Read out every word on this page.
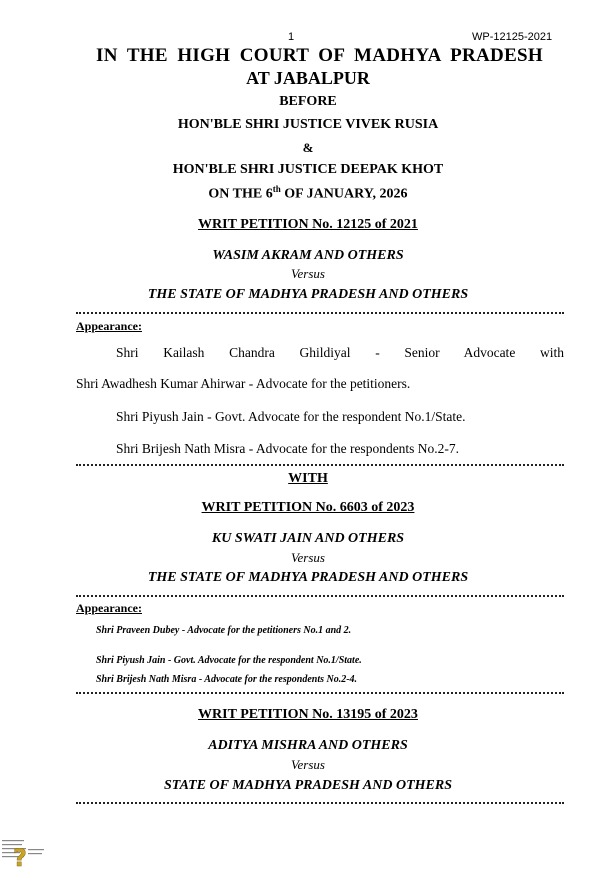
1	WP-12125-2021
IN THE HIGH COURT OF MADHYA PRADESH
AT JABALPUR
BEFORE
HON'BLE SHRI JUSTICE VIVEK RUSIA
&
HON'BLE SHRI JUSTICE DEEPAK KHOT
ON THE 6th OF JANUARY, 2026
WRIT PETITION No. 12125 of 2021
WASIM AKRAM AND OTHERS
Versus
THE STATE OF MADHYA PRADESH AND OTHERS
Appearance:
Shri Kailash Chandra Ghildiyal - Senior Advocate with
Shri Awadhesh Kumar Ahirwar - Advocate for the petitioners.
Shri Piyush Jain - Govt. Advocate for the respondent No.1/State.
Shri Brijesh Nath Misra - Advocate for the respondents No.2-7.
WITH
WRIT PETITION No. 6603 of 2023
KU SWATI JAIN AND OTHERS
Versus
THE STATE OF MADHYA PRADESH AND OTHERS
Appearance:
Shri Praveen Dubey - Advocate for the petitioners No.1 and 2.
Shri Piyush Jain - Govt. Advocate for the respondent No.1/State.
Shri Brijesh Nath Misra - Advocate for the respondents No.2-4.
WRIT PETITION No. 13195 of 2023
ADITYA MISHRA AND OTHERS
Versus
STATE OF MADHYA PRADESH AND OTHERS
?
